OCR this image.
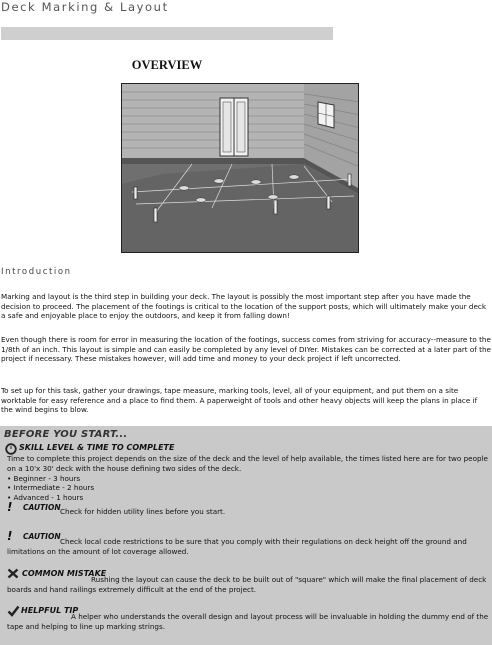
Deck Marking & Layout
OVERVIEW
Introduction

Marking and layout is the third step in building your deck. The layout is possibly the most important step after you have made the decision to proceed. The placement of the footings is critical to the location of the support posts, which will ultimately make your deck a safe and enjoyable place to enjoy the outdoors, and keep it from falling down!

Even though there is room for error in measuring the location of the footings, success comes from striving for accuracy--measure to the 1/8th of an inch. This layout is simple and can easily be completed by any level of DIYer. Mistakes can be corrected at a later part of the project if necessary. These mistakes however, will add time and money to your deck project if left uncorrected.

To set up for this task, gather your drawings, tape measure, marking tools, level, all of your equipment, and put them on a site worktable for easy reference and a place to find them. A paperweight of tools and other heavy objects will keep the plans in place if the wind begins to blow.

BEFORE YOU START...
SKILL LEVEL & TIME TO COMPLETE

Time to complete this project depends on the size of the deck and the level of help available, the times listed here are for two people on a 10'x 30' deck with the house defining two sides of the deck.

• Beginner - 3 hours
• Intermediate - 2 hours
• Advanced - 1 hours
! CAUTION Check for hidden utility lines before you start.
! CAUTION

Check local code restrictions to be sure that you comply with their regulations on deck height off the ground and limitations on the amount of lot coverage allowed.

COMMON MISTAKE

Rushing the layout can cause the deck to be built out of "square" which will make the final placement of deck boards and hand railings extremely difficult at the end of the project.

HELPFUL TIP

A helper who understands the overall design and layout process will be invaluable in holding the dummy end of the tape and helping to line up marking strings.
